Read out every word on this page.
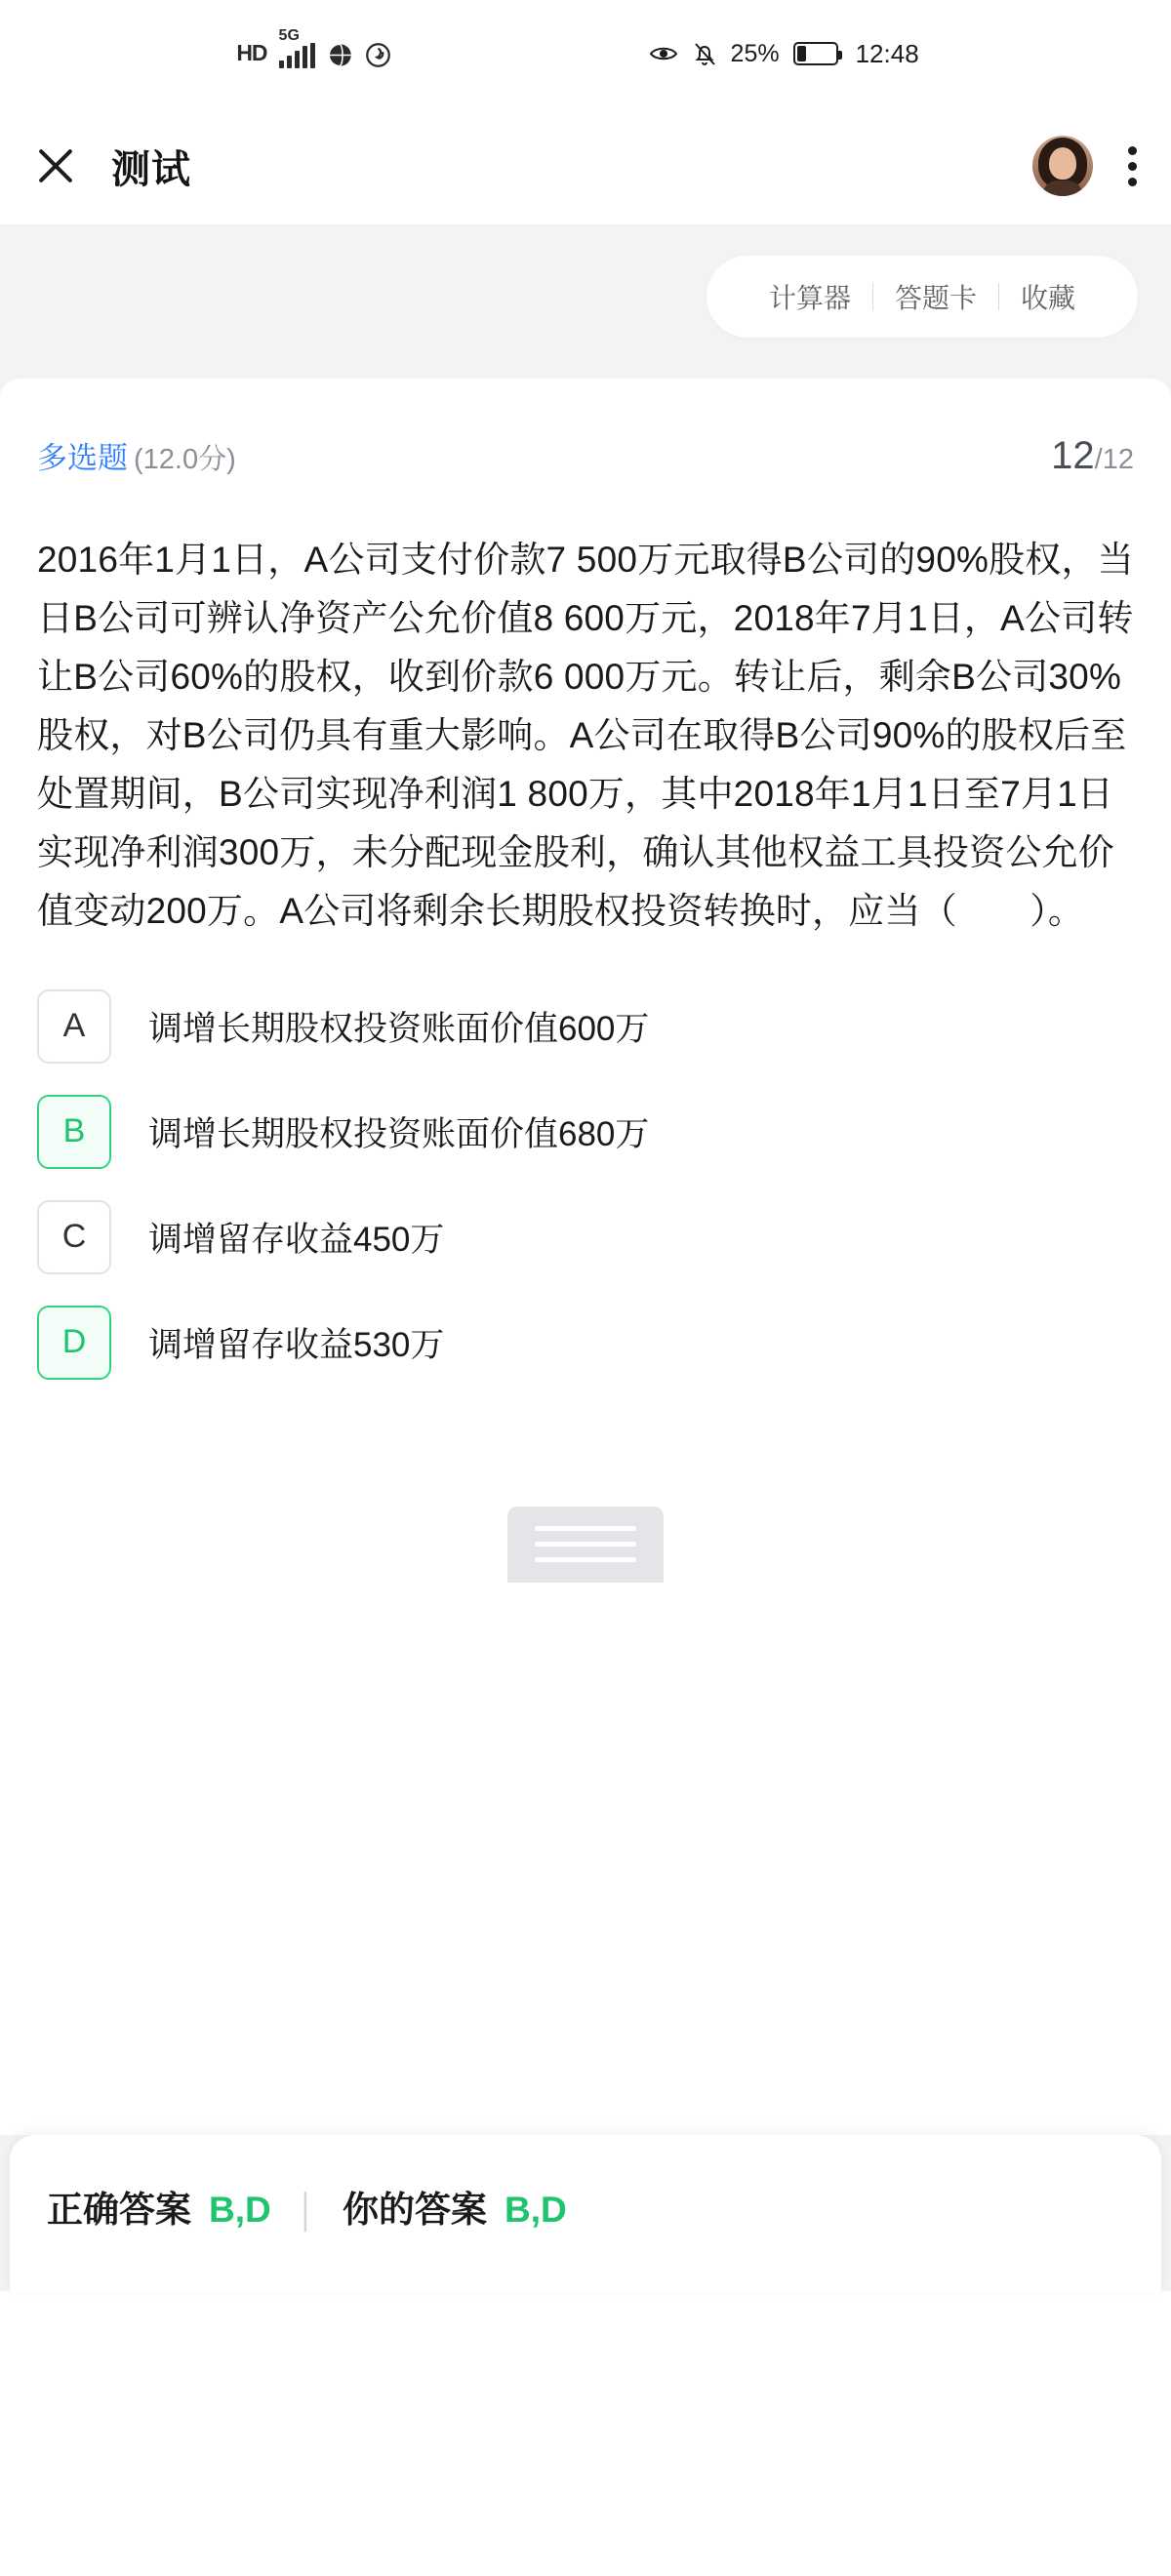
HD
5G
25%	12:48
测试
计算器	答题卡	收藏
多选题 (12.0分)	12/12
2016年1月1日，A公司支付价款7 500万元取得B公司的90%股权，当日B公司可辨认净资产公允价值8 600万元，2018年7月1日，A公司转让B公司60%的股权，收到价款6 000万元。转让后，剩余B公司30%股权，对B公司仍具有重大影响。A公司在取得B公司90%的股权后至处置期间，B公司实现净利润1 800万，其中2018年1月1日至7月1日实现净利润300万，未分配现金股利，确认其他权益工具投资公允价值变动200万。A公司将剩余长期股权投资转换时，应当（　　）。
A	调增长期股权投资账面价值600万
B	调增长期股权投资账面价值680万
C	调增留存收益450万
D	调增留存收益530万
正确答案 B,D │ 你的答案 B,D
